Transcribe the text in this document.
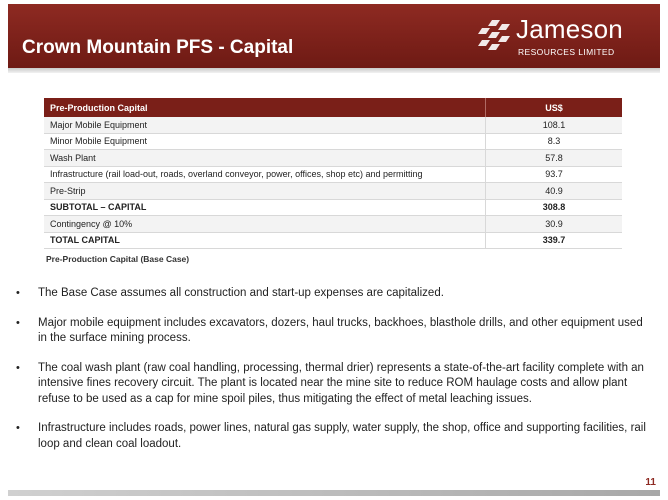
Crown Mountain PFS - Capital
Jameson
RESOURCES LIMITED
Pre-Production Capital	US$
Major Mobile Equipment	108.1
Minor Mobile Equipment	8.3
Wash Plant	57.8
Infrastructure (rail load-out, roads, overland conveyor, power, offices, shop etc) and permitting	93.7
Pre-Strip	40.9
SUBTOTAL – CAPITAL	308.8
Contingency @ 10%	30.9
TOTAL CAPITAL	339.7
Pre-Production Capital (Base Case)
• The Base Case assumes all construction and start-up expenses are capitalized.
• Major mobile equipment includes excavators, dozers, haul trucks, backhoes, blasthole drills, and other equipment used in the surface mining process.
• The coal wash plant (raw coal handling, processing, thermal drier) represents a state-of-the-art facility complete with an intensive fines recovery circuit. The plant is located near the mine site to reduce ROM haulage costs and allow plant refuse to be used as a cap for mine spoil piles, thus mitigating the effect of metal leaching issues.
• Infrastructure includes roads, power lines, natural gas supply, water supply, the shop, office and supporting facilities, rail loop and clean coal loadout.
11
